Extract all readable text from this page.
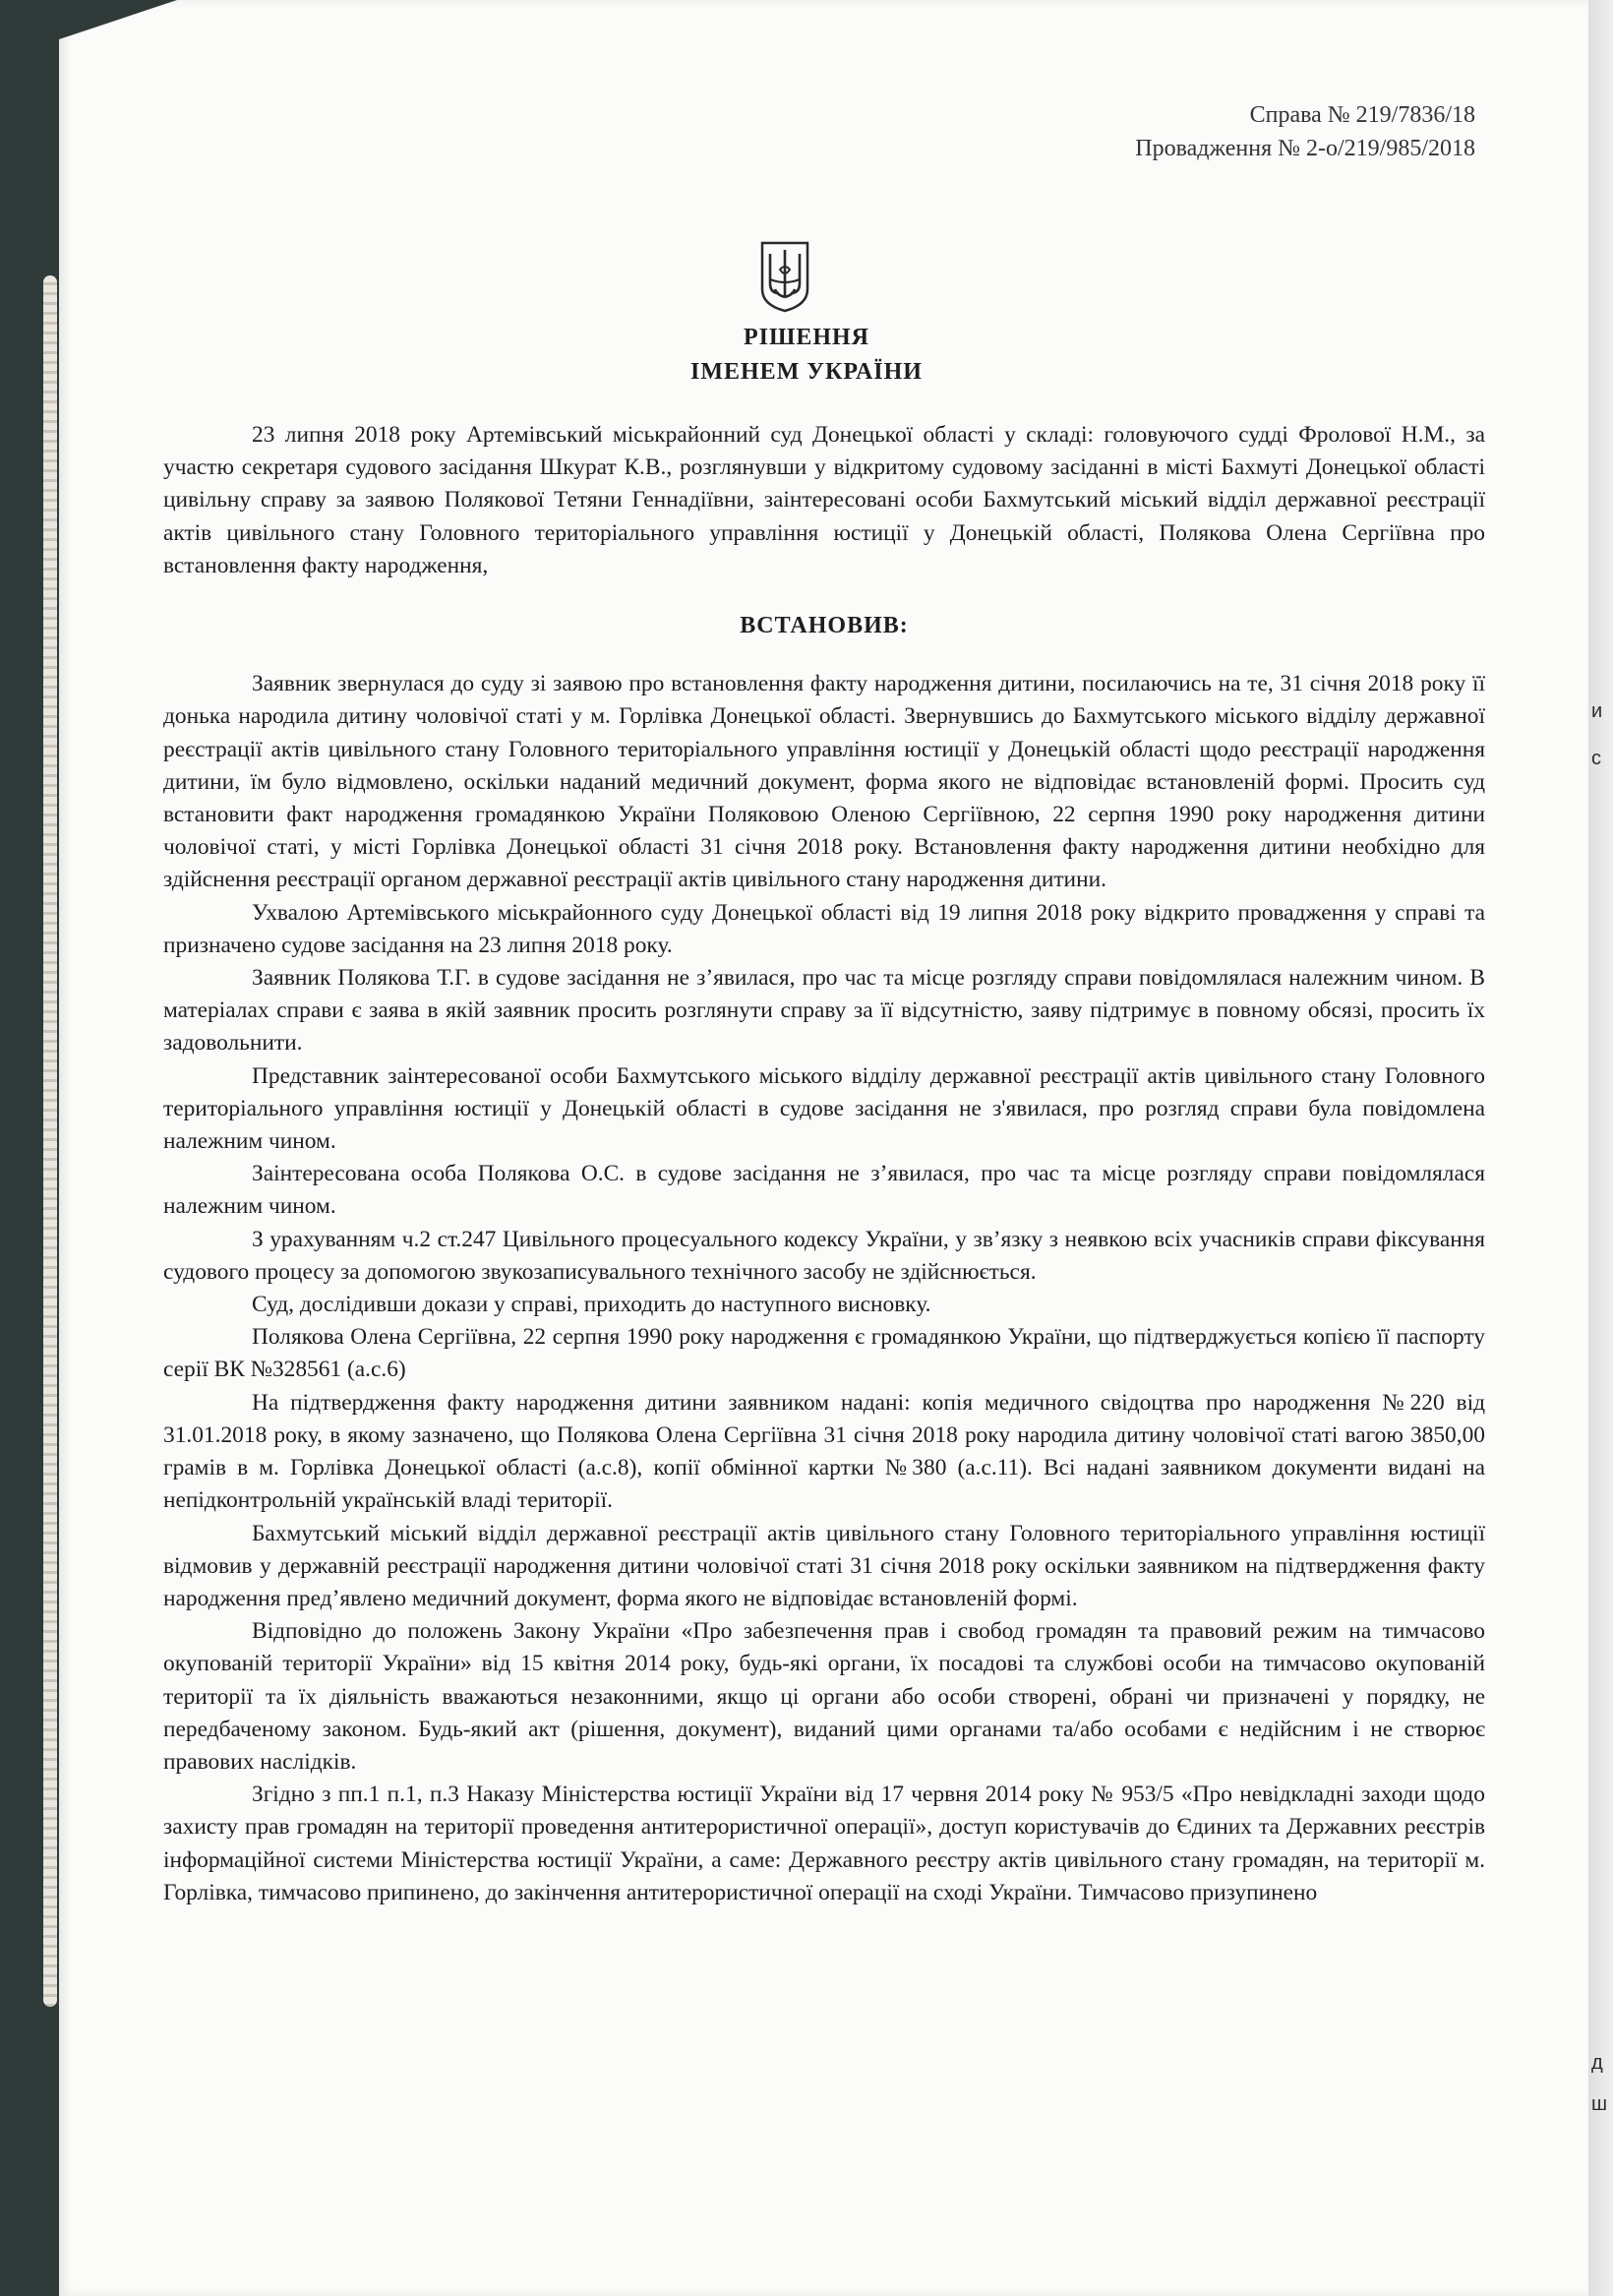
и
с
д
ш
Справа № 219/7836/18
Провадження № 2-о/219/985/2018
РІШЕННЯ
ІМЕНЕМ УКРАЇНИ

23 липня 2018 року Артемівський міськрайонний суд Донецької області у складі: головуючого судді Фролової Н.М., за участю секретаря судового засідання Шкурат К.В., розглянувши у відкритому судовому засіданні в місті Бахмуті Донецької області цивільну справу за заявою Полякової Тетяни Геннадіївни, заінтересовані особи Бахмутський міський відділ державної реєстрації актів цивільного стану Головного територіального управління юстиції у Донецькій області, Полякова Олена Сергіївна про встановлення факту народження,

ВСТАНОВИВ:

Заявник звернулася до суду зі заявою про встановлення факту народження дитини, посилаючись на те, 31 січня 2018 року її донька народила дитину чоловічої статі у м. Горлівка Донецької області. Звернувшись до Бахмутського міського відділу державної реєстрації актів цивільного стану Головного територіального управління юстиції у Донецькій області щодо реєстрації народження дитини, їм було відмовлено, оскільки наданий медичний документ, форма якого не відповідає встановленій формі. Просить суд встановити факт народження громадянкою України Поляковою Оленою Сергіївною, 22 серпня 1990 року народження дитини чоловічої статі, у місті Горлівка Донецької області 31 січня 2018 року. Встановлення факту народження дитини необхідно для здійснення реєстрації органом державної реєстрації актів цивільного стану народження дитини.

Ухвалою Артемівського міськрайонного суду Донецької області від 19 липня 2018 року відкрито провадження у справі та призначено судове засідання на 23 липня 2018 року.

Заявник Полякова Т.Г. в судове засідання не з’явилася, про час та місце розгляду справи повідомлялася належним чином. В матеріалах справи є заява в якій заявник просить розглянути справу за її відсутністю, заяву підтримує в повному обсязі, просить їх задовольнити.

Представник заінтересованої особи Бахмутського міського відділу державної реєстрації актів цивільного стану Головного територіального управління юстиції у Донецькій області в судове засідання не з'явилася, про розгляд справи була повідомлена належним чином.

Заінтересована особа Полякова О.С. в судове засідання не з’явилася, про час та місце розгляду справи повідомлялася належним чином.

З урахуванням ч.2 ст.247 Цивільного процесуального кодексу України, у зв’язку з неявкою всіх учасників справи фіксування судового процесу за допомогою звукозаписувального технічного засобу не здійснюється.

Суд, дослідивши докази у справі, приходить до наступного висновку.

Полякова Олена Сергіївна, 22 серпня 1990 року народження є громадянкою України, що підтверджується копією її паспорту серії ВК №328561 (а.с.6)

На підтвердження факту народження дитини заявником надані: копія медичного свідоцтва про народження №220 від 31.01.2018 року, в якому зазначено, що Полякова Олена Сергіївна 31 січня 2018 року народила дитину чоловічої статі вагою 3850,00 грамів в м. Горлівка Донецької області (а.с.8), копії обмінної картки №380 (а.с.11). Всі надані заявником документи видані на непідконтрольній українській владі території.

Бахмутський міський відділ державної реєстрації актів цивільного стану Головного територіального управління юстиції відмовив у державній реєстрації народження дитини чоловічої статі 31 січня 2018 року оскільки заявником на підтвердження факту народження пред’явлено медичний документ, форма якого не відповідає встановленій формі.

Відповідно до положень Закону України «Про забезпечення прав і свобод громадян та правовий режим на тимчасово окупованій території України» від 15 квітня 2014 року, будь-які органи, їх посадові та службові особи на тимчасово окупованій території та їх діяльність вважаються незаконними, якщо ці органи або особи створені, обрані чи призначені у порядку, не передбаченому законом. Будь-який акт (рішення, документ), виданий цими органами та/або особами є недійсним і не створює правових наслідків.

Згідно з пп.1 п.1, п.3 Наказу Міністерства юстиції України від 17 червня 2014 року № 953/5 «Про невідкладні заходи щодо захисту прав громадян на території проведення антитерористичної операції», доступ користувачів до Єдиних та Державних реєстрів інформаційної системи Міністерства юстиції України, а саме: Державного реєстру актів цивільного стану громадян, на території м. Горлівка, тимчасово припинено, до закінчення антитерористичної операції на сході України. Тимчасово призупинено
